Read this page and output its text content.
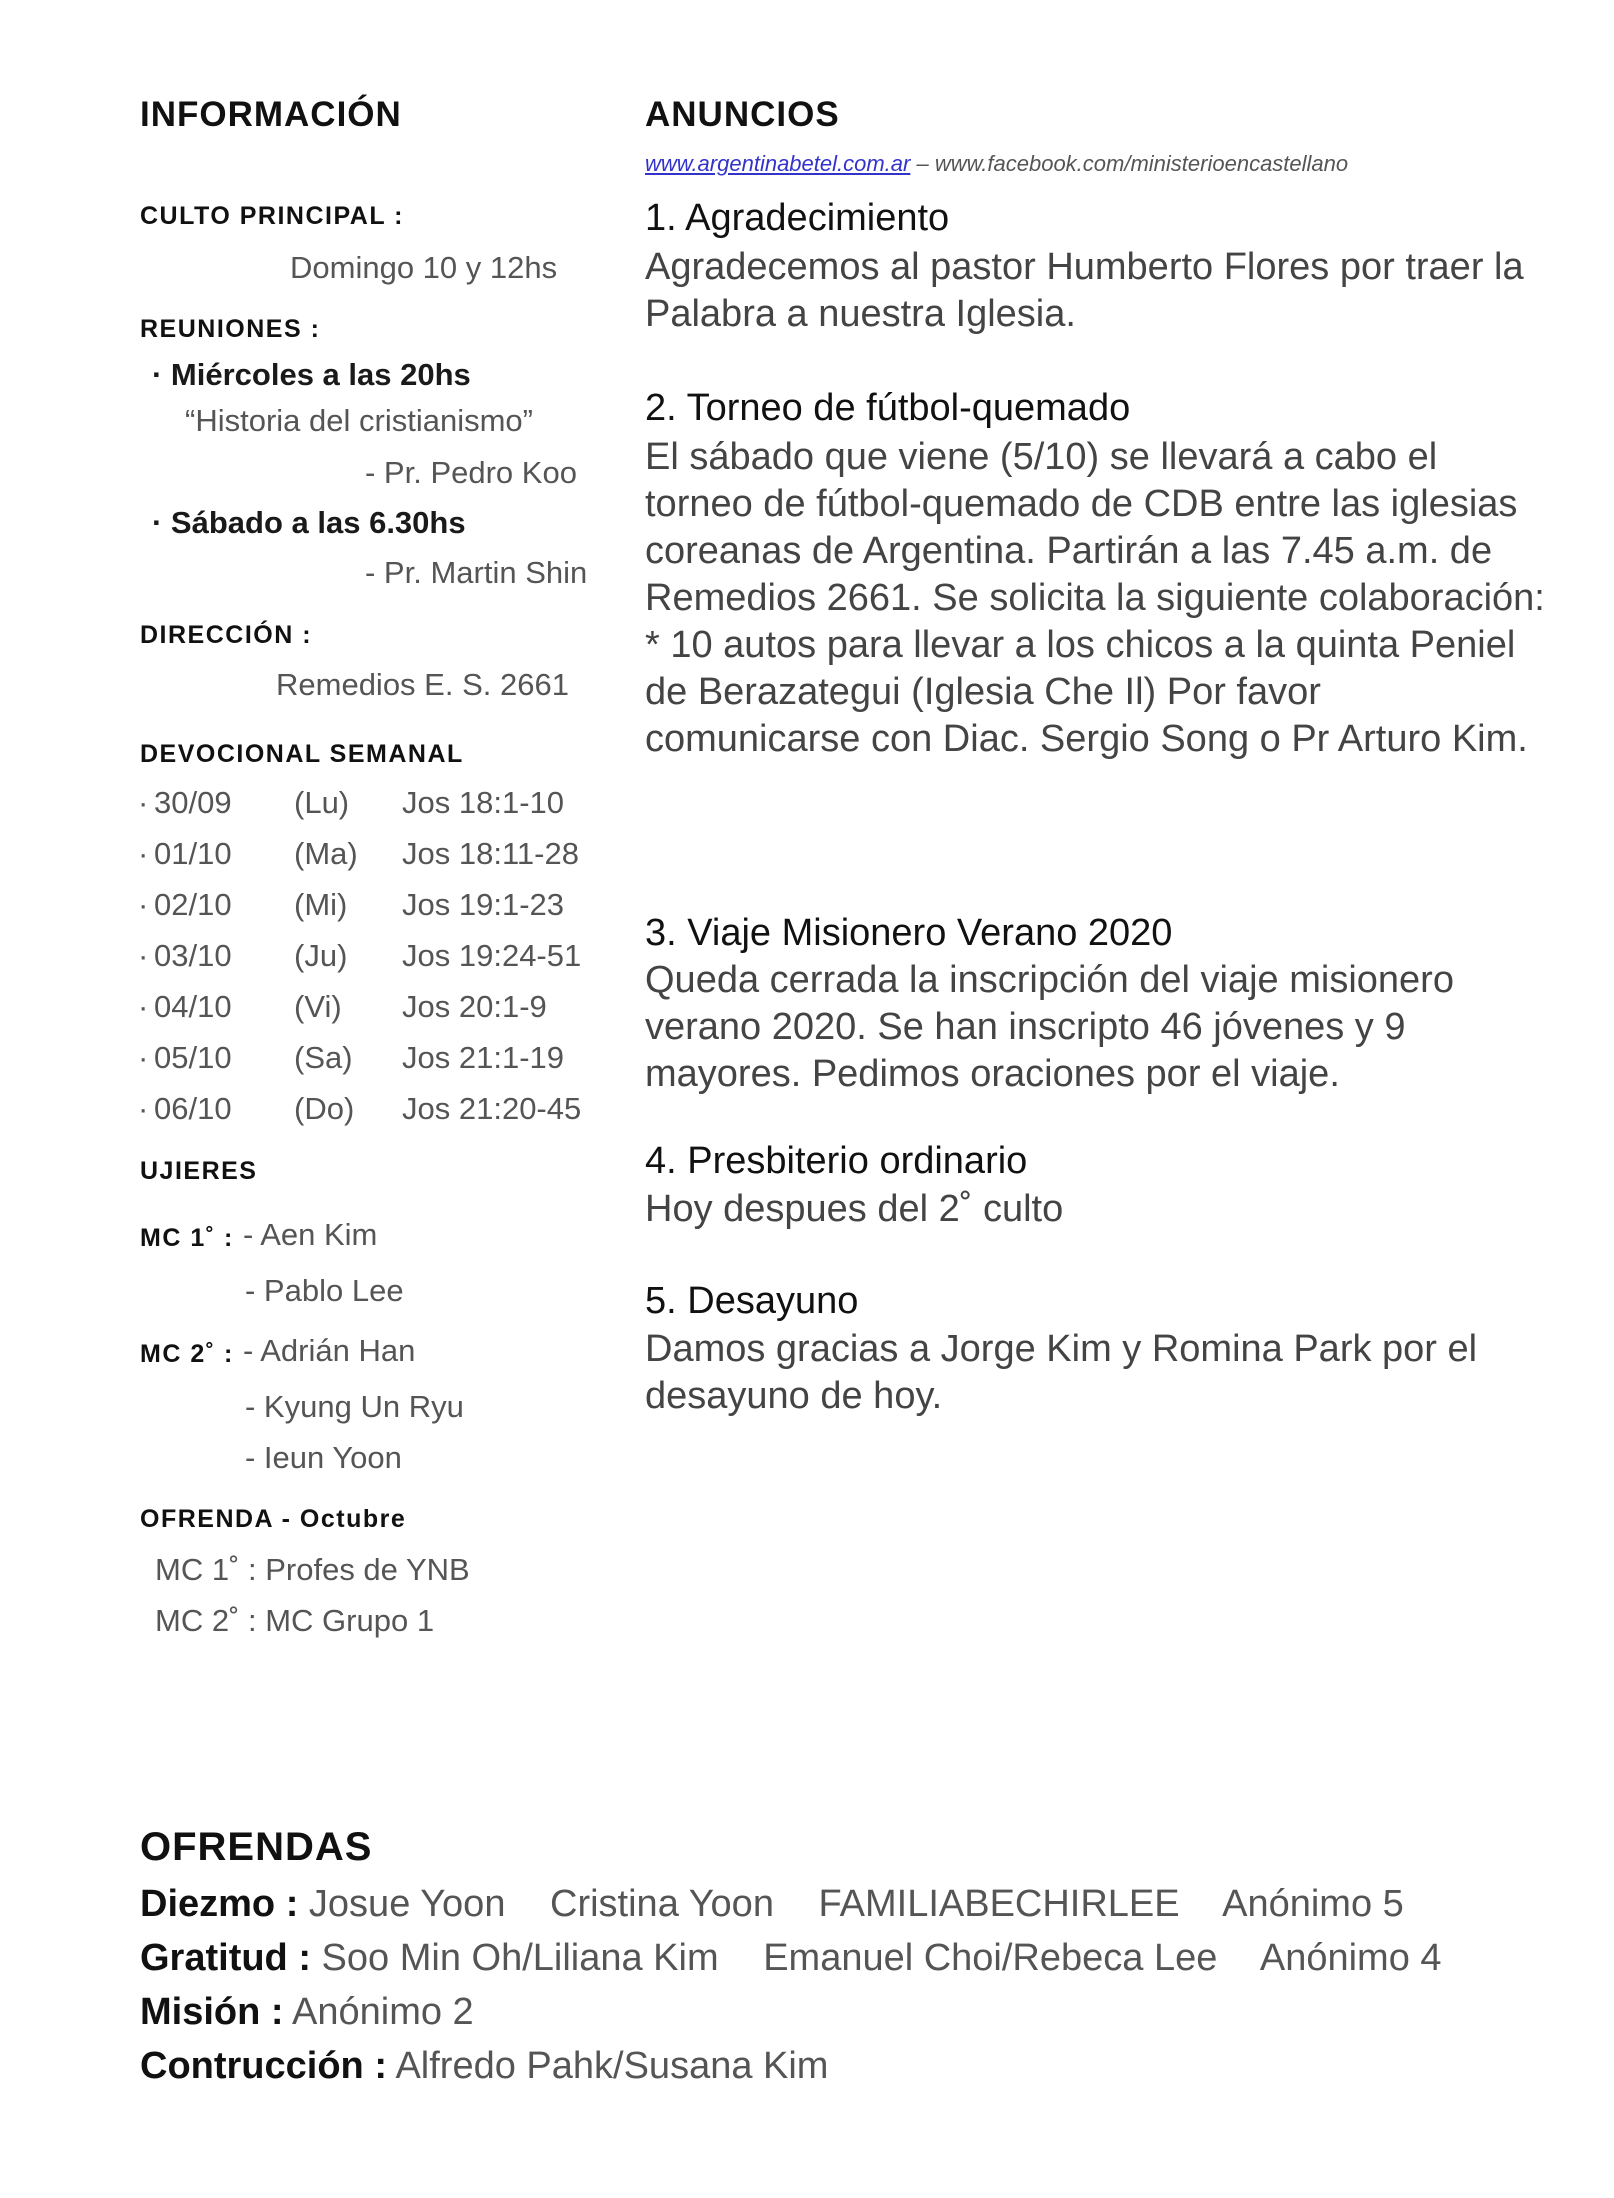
INFORMACIÓN
CULTO PRINCIPAL :
Domingo 10 y 12hs
REUNIONES :
· Miércoles a las 20hs
“Historia del cristianismo”
- Pr. Pedro Koo
· Sábado a las 6.30hs
- Pr. Martin Shin
DIRECCIÓN :
Remedios E. S. 2661
DEVOCIONAL SEMANAL
· 30/09 (Lu) Jos 18:1-10
· 01/10 (Ma) Jos 18:11-28
· 02/10 (Mi) Jos 19:1-23
· 03/10 (Ju) Jos 19:24-51
· 04/10 (Vi) Jos 20:1-9
· 05/10 (Sa) Jos 21:1-19
· 06/10 (Do) Jos 21:20-45
UJIERES
MC 1˚ : - Aen Kim
- Pablo Lee
MC 2˚ : - Adrián Han
- Kyung Un Ryu
- Ieun Yoon
OFRENDA - Octubre
MC 1˚ : Profes de YNB
MC 2˚ : MC Grupo 1
ANUNCIOS
www.argentinabetel.com.ar – www.facebook.com/ministerioencastellano
1. Agradecimiento
Agradecemos al pastor Humberto Flores por traer la Palabra a nuestra Iglesia.
2. Torneo de fútbol-quemado
El sábado que viene (5/10) se llevará a cabo el torneo de fútbol-quemado de CDB entre las iglesias coreanas de Argentina. Partirán a las 7.45 a.m. de Remedios 2661. Se solicita la siguiente colaboración: * 10 autos para llevar a los chicos a la quinta Peniel de Berazategui (Iglesia Che Il) Por favor comunicarse con Diac. Sergio Song o Pr Arturo Kim.
3. Viaje Misionero Verano 2020
Queda cerrada la inscripción del viaje misionero verano 2020. Se han inscripto 46 jóvenes y 9 mayores. Pedimos oraciones por el viaje.
4. Presbiterio ordinario
Hoy despues del 2˚ culto
5. Desayuno
Damos gracias a Jorge Kim y Romina Park por el desayuno de hoy.
OFRENDAS
Diezmo : Josue Yoon Cristina Yoon FAMILIABECHIRLEE Anónimo 5
Gratitud : Soo Min Oh/Liliana Kim Emanuel Choi/Rebeca Lee Anónimo 4
Misión : Anónimo 2
Contrucción : Alfredo Pahk/Susana Kim
